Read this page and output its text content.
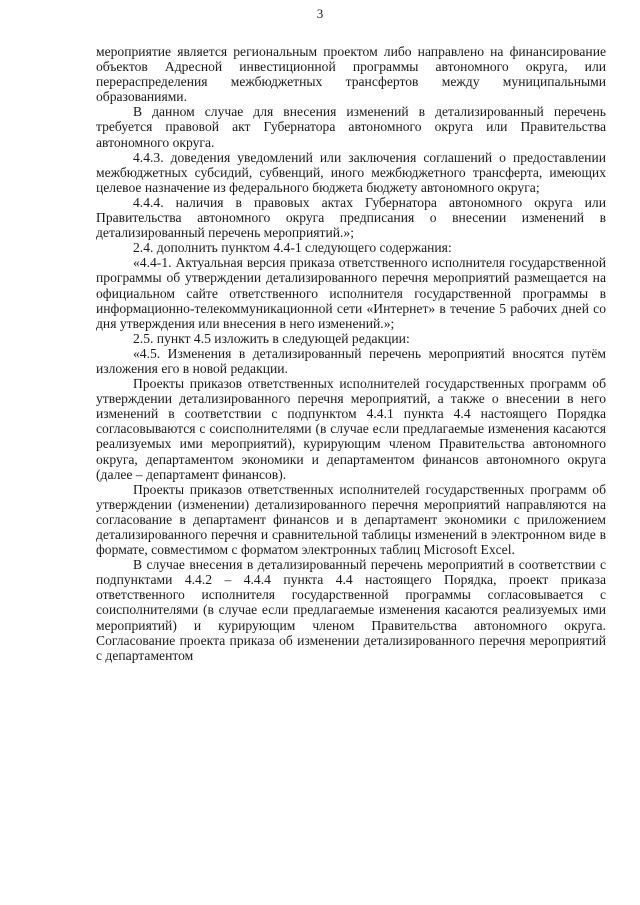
3

мероприятие является региональным проектом либо направлено на финансирование объектов Адресной инвестиционной программы автономного округа, или перераспределения межбюджетных трансфертов между муниципальными образованиями.

В данном случае для внесения изменений в детализированный перечень требуется правовой акт Губернатора автономного округа или Правительства автономного округа.

4.4.3. доведения уведомлений или заключения соглашений о предоставлении межбюджетных субсидий, субвенций, иного межбюджетного трансферта, имеющих целевое назначение из федерального бюджета бюджету автономного округа;

4.4.4. наличия в правовых актах Губернатора автономного округа или Правительства автономного округа предписания о внесении изменений в детализированный перечень мероприятий.»;

2.4. дополнить пунктом 4.4-1 следующего содержания:

«4.4-1. Актуальная версия приказа ответственного исполнителя государственной программы об утверждении детализированного перечня мероприятий размещается на официальном сайте ответственного исполнителя государственной программы в информационно-телекоммуникационной сети «Интернет» в течение 5 рабочих дней со дня утверждения или внесения в него изменений.»;

2.5. пункт 4.5 изложить в следующей редакции:

«4.5. Изменения в детализированный перечень мероприятий вносятся путём изложения его в новой редакции.

Проекты приказов ответственных исполнителей государственных программ об утверждении детализированного перечня мероприятий, а также о внесении в него изменений в соответствии с подпунктом 4.4.1 пункта 4.4 настоящего Порядка согласовываются с соисполнителями (в случае если предлагаемые изменения касаются реализуемых ими мероприятий), курирующим членом Правительства автономного округа, департаментом экономики и департаментом финансов автономного округа (далее – департамент финансов).

Проекты приказов ответственных исполнителей государственных программ об утверждении (изменении) детализированного перечня мероприятий направляются на согласование в департамент финансов и в департамент экономики с приложением детализированного перечня и сравнительной таблицы изменений в электронном виде в формате, совместимом с форматом электронных таблиц Microsoft Excel.

В случае внесения в детализированный перечень мероприятий в соответствии с подпунктами 4.4.2 – 4.4.4 пункта 4.4 настоящего Порядка, проект приказа ответственного исполнителя государственной программы согласовывается с соисполнителями (в случае если предлагаемые изменения касаются реализуемых ими мероприятий) и курирующим членом Правительства автономного округа. Согласование проекта приказа об изменении детализированного перечня мероприятий с департаментом
